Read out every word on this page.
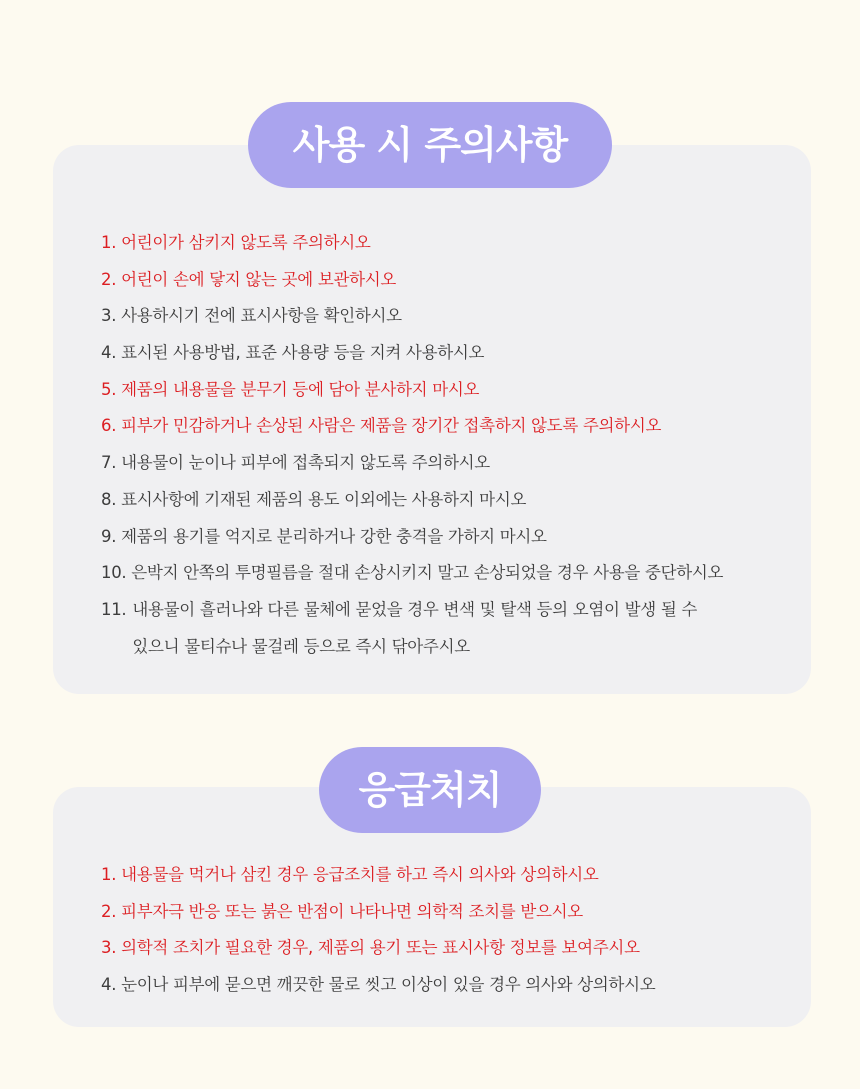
1. 어린이가 삼키지 않도록 주의하시오
2. 어린이 손에 닿지 않는 곳에 보관하시오
3. 사용하시기 전에 표시사항을 확인하시오
4. 표시된 사용방법, 표준 사용량 등을 지켜 사용하시오
5. 제품의 내용물을 분무기 등에 담아 분사하지 마시오
6. 피부가 민감하거나 손상된 사람은 제품을 장기간 접촉하지 않도록 주의하시오
7. 내용물이 눈이나 피부에 접촉되지 않도록 주의하시오
8. 표시사항에 기재된 제품의 용도 이외에는 사용하지 마시오
9. 제품의 용기를 억지로 분리하거나 강한 충격을 가하지 마시오
10. 은박지 안쪽의 투명필름을 절대 손상시키지 말고 손상되었을 경우 사용을 중단하시오
11. 내용물이 흘러나와 다른 물체에 묻었을 경우 변색 및 탈색 등의 오염이 발생 될 수
있으니 물티슈나 물걸레 등으로 즉시 닦아주시오
사용 시 주의사항
1. 내용물을 먹거나 삼킨 경우 응급조치를 하고 즉시 의사와 상의하시오
2. 피부자극 반응 또는 붉은 반점이 나타나면 의학적 조치를 받으시오
3. 의학적 조치가 필요한 경우, 제품의 용기 또는 표시사항 정보를 보여주시오
4. 눈이나 피부에 묻으면 깨끗한 물로 씻고 이상이 있을 경우 의사와 상의하시오
응급처치
